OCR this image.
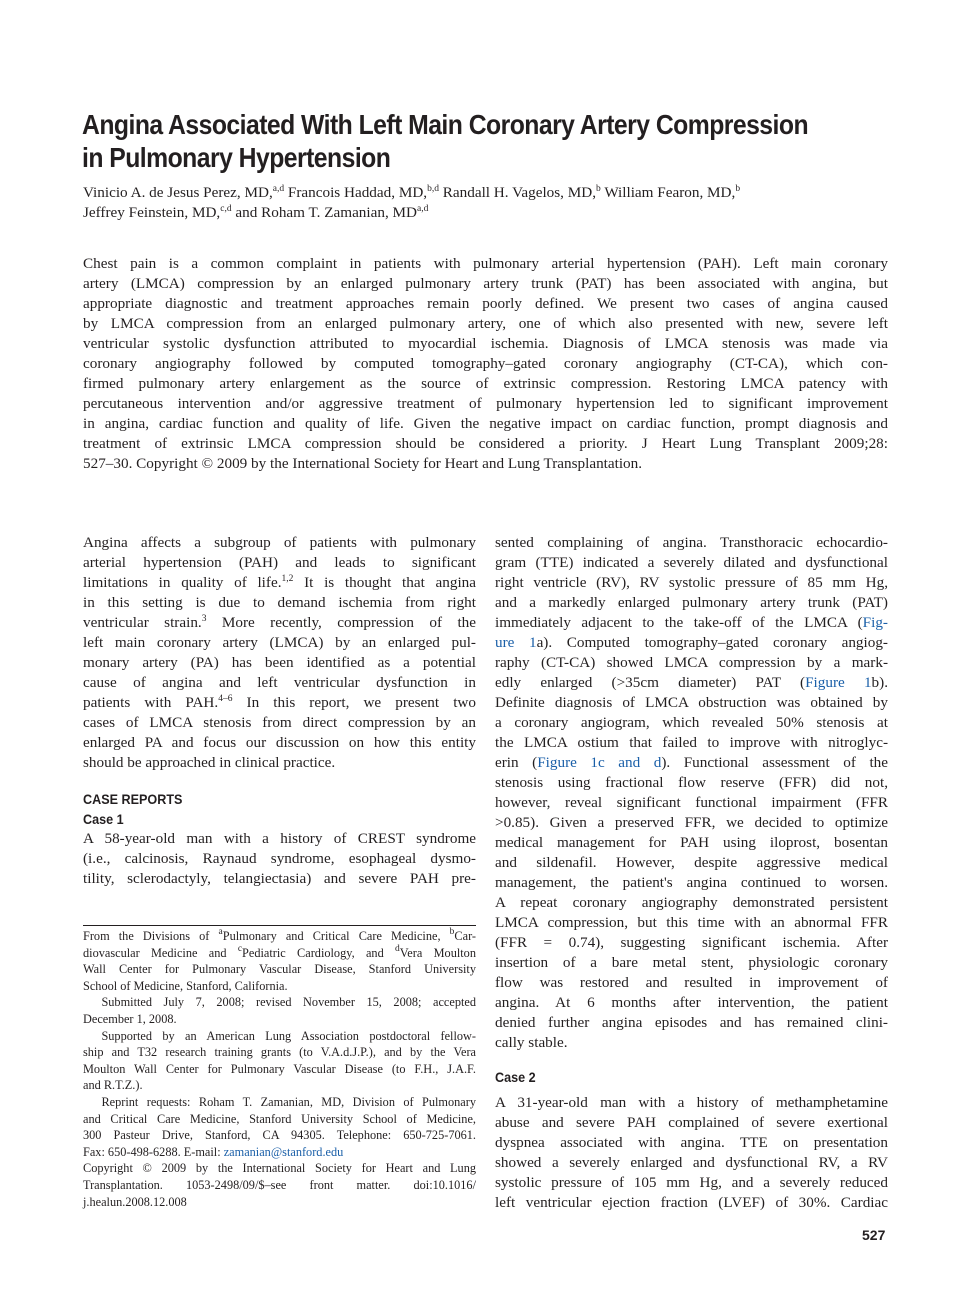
Angina Associated With Left Main Coronary Artery Compression
in Pulmonary Hypertension
Vinicio A. de Jesus Perez, MD,$^{a,d}$ Francois Haddad, MD,$^{b,d}$ Randall H. Vagelos, MD,$^b$ William Fearon, MD,$^b$
Jeffrey Feinstein, MD,$^{c,d}$ and Roham T. Zamanian, MD$^{a,d}$
Chest pain is a common complaint in patients with pulmonary arterial hypertension (PAH). Left main coronary
artery (LMCA) compression by an enlarged pulmonary artery trunk (PAT) has been associated with angina, but
appropriate diagnostic and treatment approaches remain poorly defined. We present two cases of angina caused
by LMCA compression from an enlarged pulmonary artery, one of which also presented with new, severe left
ventricular systolic dysfunction attributed to myocardial ischemia. Diagnosis of LMCA stenosis was made via
coronary angiography followed by computed tomography–gated coronary angiography (CT-CA), which con-
firmed pulmonary artery enlargement as the source of extrinsic compression. Restoring LMCA patency with
percutaneous intervention and/or aggressive treatment of pulmonary hypertension led to significant improvement
in angina, cardiac function and quality of life. Given the negative impact on cardiac function, prompt diagnosis and
treatment of extrinsic LMCA compression should be considered a priority. J Heart Lung Transplant 2009;28:
527–30. Copyright © 2009 by the International Society for Heart and Lung Transplantation.
Angina affects a subgroup of patients with pulmonary
arterial hypertension (PAH) and leads to significant
limitations in quality of life.$^{1,2}$ It is thought that angina
in this setting is due to demand ischemia from right
ventricular strain.$^3$ More recently, compression of the
left main coronary artery (LMCA) by an enlarged pul-
monary artery (PA) has been identified as a potential
cause of angina and left ventricular dysfunction in
patients with PAH.$^{4-6}$ In this report, we present two
cases of LMCA stenosis from direct compression by an
enlarged PA and focus our discussion on how this entity
should be approached in clinical practice.
CASE REPORTS
Case 1
A 58-year-old man with a history of CREST syndrome
(i.e., calcinosis, Raynaud syndrome, esophageal dysmo-
tility, sclerodactyly, telangiectasia) and severe PAH pre-
From the Divisions of $^a$Pulmonary and Critical Care Medicine, $^b$Car-
diovascular Medicine and $^c$Pediatric Cardiology, and $^d$Vera Moulton
Wall Center for Pulmonary Vascular Disease, Stanford University
School of Medicine, Stanford, California.
  Submitted July 7, 2008; revised November 15, 2008; accepted
December 1, 2008.
  Supported by an American Lung Association postdoctoral fellow-
ship and T32 research training grants (to V.A.d.J.P.), and by the Vera
Moulton Wall Center for Pulmonary Vascular Disease (to F.H., J.A.F.
and R.T.Z.).
  Reprint requests: Roham T. Zamanian, MD, Division of Pulmonary
and Critical Care Medicine, Stanford University School of Medicine,
300 Pasteur Drive, Stanford, CA 94305. Telephone: 650-725-7061.
Fax: 650-498-6288. E-mail: zamanian@stanford.edu
Copyright © 2009 by the International Society for Heart and Lung
Transplantation. 1053-2498/09/$–see front matter. doi:10.1016/
j.healun.2008.12.008
sented complaining of angina. Transthoracic echocardio-
gram (TTE) indicated a severely dilated and dysfunctional
right ventricle (RV), RV systolic pressure of 85 mm Hg,
and a markedly enlarged pulmonary artery trunk (PAT)
immediately adjacent to the take-off of the LMCA (Fig-
ure 1a). Computed tomography–gated coronary angiog-
raphy (CT-CA) showed LMCA compression by a mark-
edly enlarged (>35cm diameter) PAT (Figure 1b).
Definite diagnosis of LMCA obstruction was obtained by
a coronary angiogram, which revealed 50% stenosis at
the LMCA ostium that failed to improve with nitroglyc-
erin (Figure 1c and d). Functional assessment of the
stenosis using fractional flow reserve (FFR) did not,
however, reveal significant functional impairment (FFR
>0.85). Given a preserved FFR, we decided to optimize
medical management for PAH using iloprost, bosentan
and sildenafil. However, despite aggressive medical
management, the patient's angina continued to worsen.
A repeat coronary angiography demonstrated persistent
LMCA compression, but this time with an abnormal FFR
(FFR = 0.74), suggesting significant ischemia. After
insertion of a bare metal stent, physiologic coronary
flow was restored and resulted in improvement of
angina. At 6 months after intervention, the patient
denied further angina episodes and has remained clini-
cally stable.
Case 2
A 31-year-old man with a history of methamphetamine
abuse and severe PAH complained of severe exertional
dyspnea associated with angina. TTE on presentation
showed a severely enlarged and dysfunctional RV, a RV
systolic pressure of 105 mm Hg, and a severely reduced
left ventricular ejection fraction (LVEF) of 30%. Cardiac
527
